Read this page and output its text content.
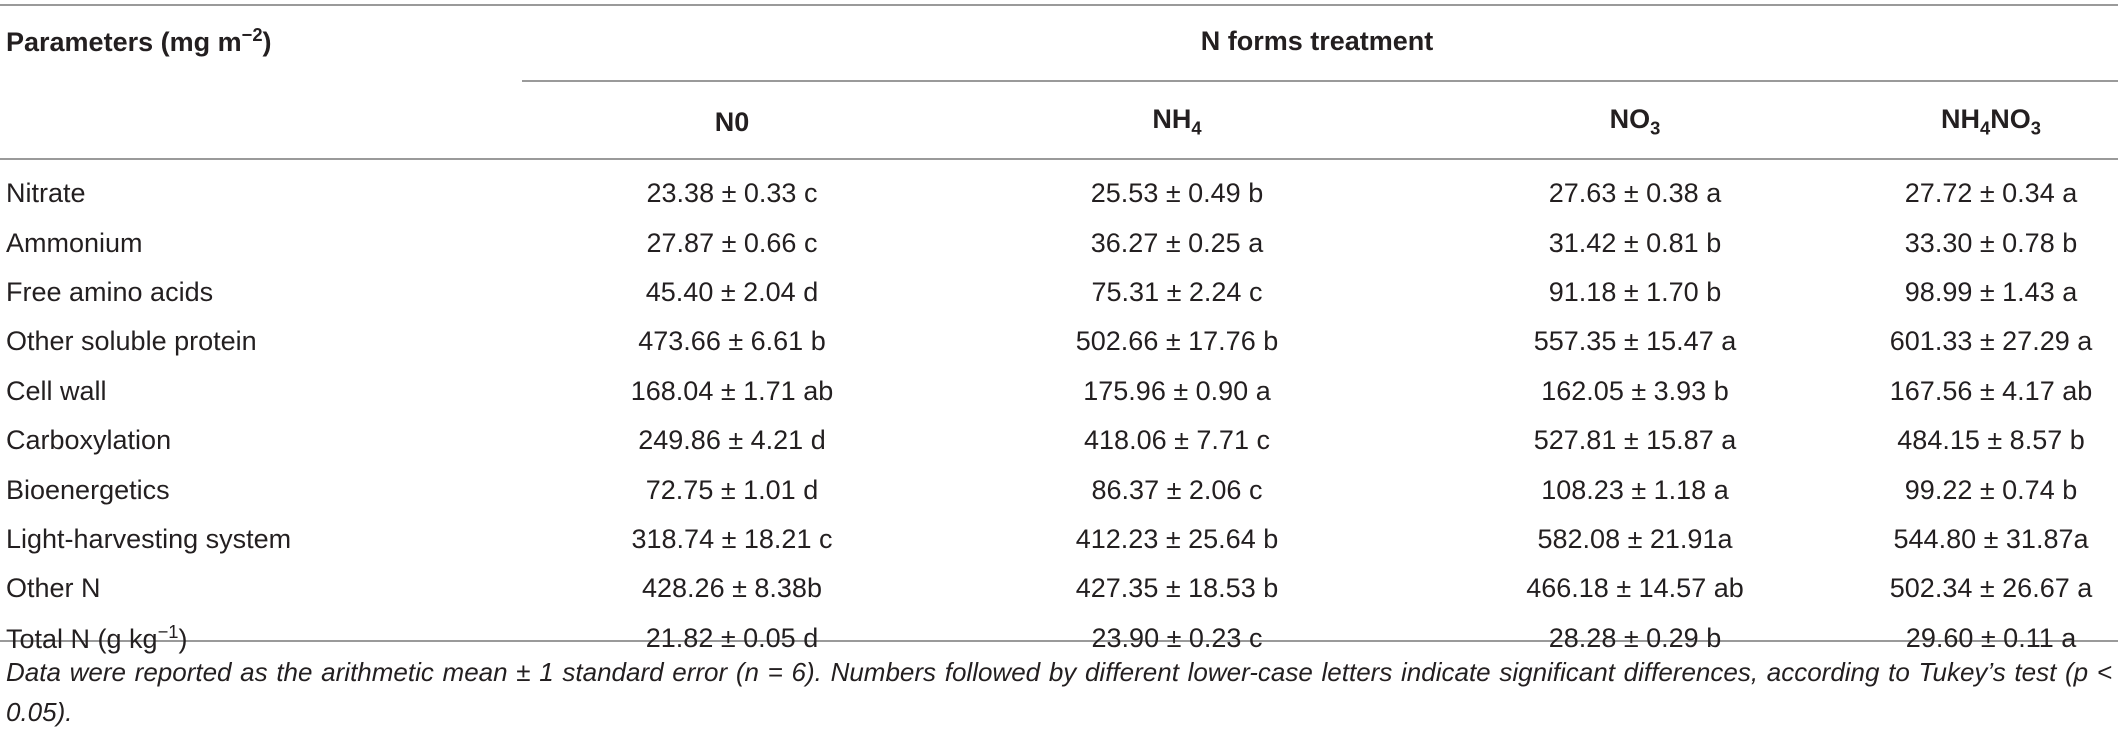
Parameters (mg $m^{-2}$)	N forms treatment			
	N0	$NH_4$	$NO_3$	$NH_4NO_3$
Nitrate	23.38 ± 0.33 c	25.53 ± 0.49 b	27.63 ± 0.38 a	27.72 ± 0.34 a
Ammonium	27.87 ± 0.66 c	36.27 ± 0.25 a	31.42 ± 0.81 b	33.30 ± 0.78 b
Free amino acids	45.40 ± 2.04 d	75.31 ± 2.24 c	91.18 ± 1.70 b	98.99 ± 1.43 a
Other soluble protein	473.66 ± 6.61 b	502.66 ± 17.76 b	557.35 ± 15.47 a	601.33 ± 27.29 a
Cell wall	168.04 ± 1.71 ab	175.96 ± 0.90 a	162.05 ± 3.93 b	167.56 ± 4.17 ab
Carboxylation	249.86 ± 4.21 d	418.06 ± 7.71 c	527.81 ± 15.87 a	484.15 ± 8.57 b
Bioenergetics	72.75 ± 1.01 d	86.37 ± 2.06 c	108.23 ± 1.18 a	99.22 ± 0.74 b
Light-harvesting system	318.74 ± 18.21 c	412.23 ± 25.64 b	582.08 ± 21.91a	544.80 ± 31.87a
Other N	428.26 ± 8.38b	427.35 ± 18.53 b	466.18 ± 14.57 ab	502.34 ± 26.67 a
Total N (g $kg^{-1}$)	21.82 ± 0.05 d	23.90 ± 0.23 c	28.28 ± 0.29 b	29.60 ± 0.11 a
Data were reported as the arithmetic mean ± 1 standard error (n = 6). Numbers followed by different lower-case letters indicate significant differences, according to Tukey’s test (p < 0.05).
